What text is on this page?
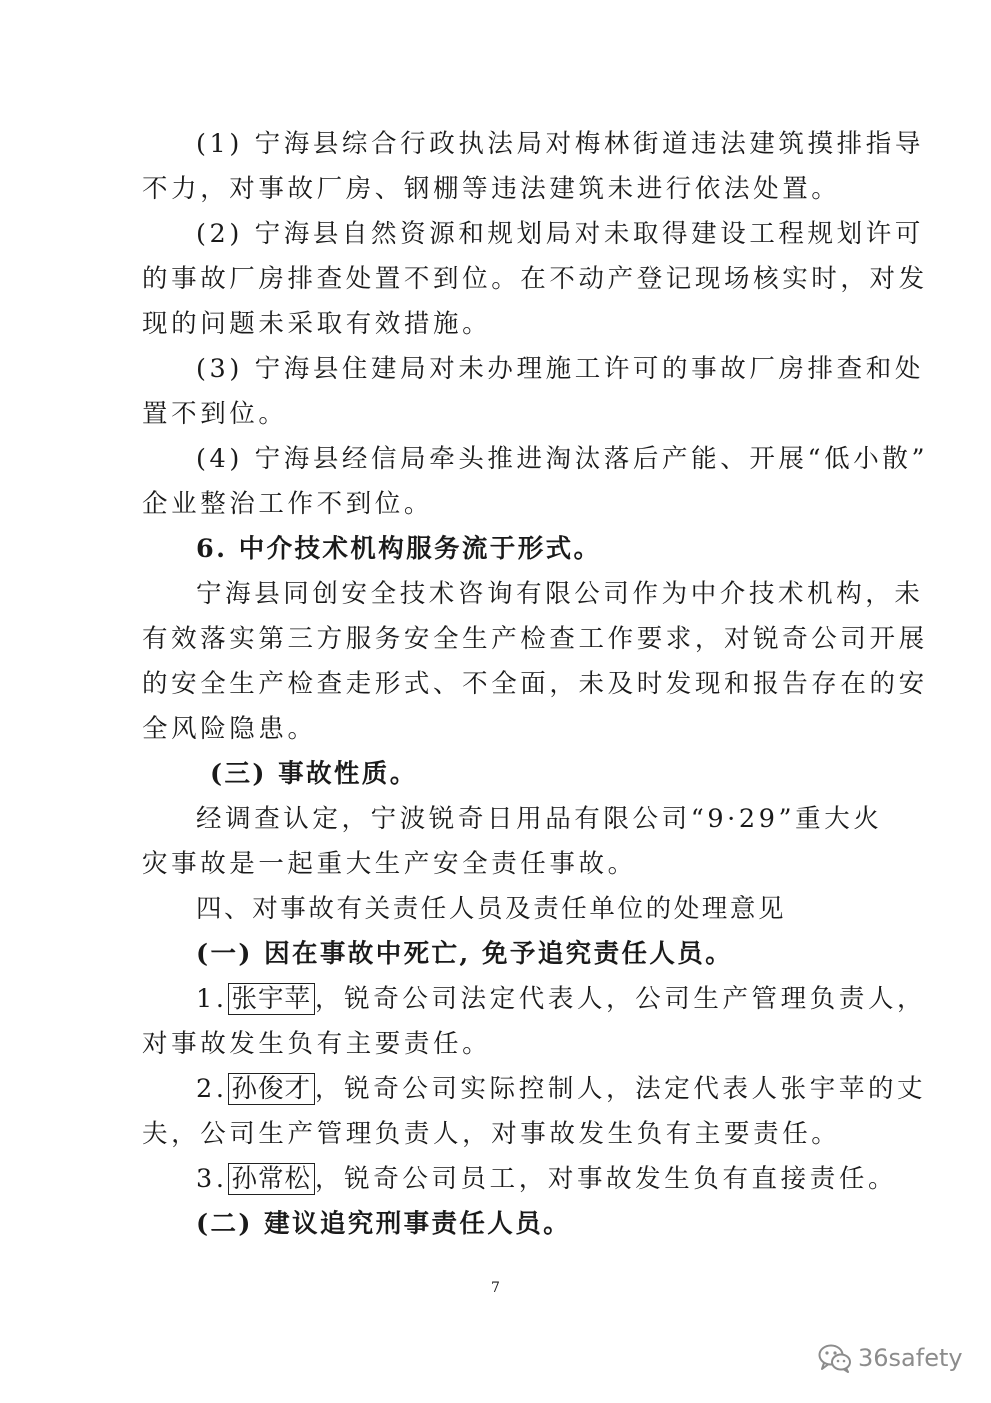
(1) 宁海县综合行政执法局对梅林街道违法建筑摸排指导
不力，对事故厂房、钢棚等违法建筑未进行依法处置。
(2) 宁海县自然资源和规划局对未取得建设工程规划许可
的事故厂房排查处置不到位。在不动产登记现场核实时，对发
现的问题未采取有效措施。
(3) 宁海县住建局对未办理施工许可的事故厂房排查和处
置不到位。
(4) 宁海县经信局牵头推进淘汰落后产能、开展“低小散”
企业整治工作不到位。
6. 中介技术机构服务流于形式。
宁海县同创安全技术咨询有限公司作为中介技术机构，未
有效落实第三方服务安全生产检查工作要求，对锐奇公司开展
的安全生产检查走形式、不全面，未及时发现和报告存在的安
全风险隐患。
(三) 事故性质。
经调查认定，宁波锐奇日用品有限公司“9·29”重大火
灾事故是一起重大生产安全责任事故。
四、对事故有关责任人员及责任单位的处理意见
(一) 因在事故中死亡, 免予追究责任人员。
1. 张宇苹 ，锐奇公司法定代表人，公司生产管理负责人，
对事故发生负有主要责任。
2. 孙俊才 ，锐奇公司实际控制人，法定代表人张宇苹的丈
夫，公司生产管理负责人，对事故发生负有主要责任。
3. 孙常松 ，锐奇公司员工，对事故发生负有直接责任。
(二) 建议追究刑事责任人员。
7
36safety
